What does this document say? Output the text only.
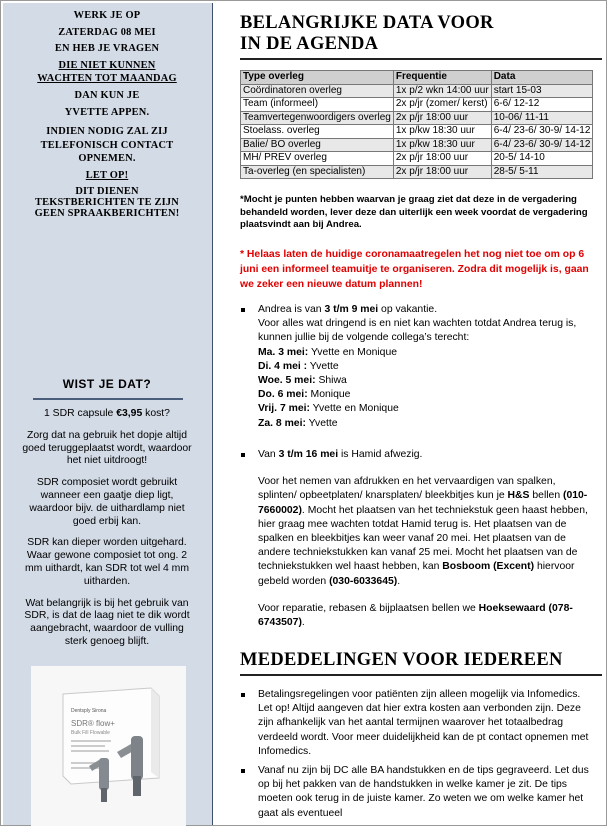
WERK JE OP

ZATERDAG 08 MEI

EN HEB JE VRAGEN

DIE NIET KUNNEN WACHTEN TOT MAANDAG

DAN KUN JE

YVETTE APPEN.

INDIEN NODIG ZAL ZIJ TELEFONISCH CONTACT OPNEMEN.

LET OP!

DIT DIENEN TEKSTBERICHTEN TE ZIJN GEEN SPRAAKBERICHTEN!

WIST JE DAT?

1 SDR capsule €3,95 kost?

Zorg dat na gebruik het dopje altijd goed teruggeplaatst wordt, waardoor het niet uitdroogt!

SDR composiet wordt gebruikt wanneer een gaatje diep ligt, waardoor bijv. de uithardlamp niet goed erbij kan.

SDR kan dieper worden uitgehard. Waar gewone composiet tot ong. 2 mm uithardt, kan SDR tot wel 4 mm uitharden.

Wat belangrijk is bij het gebruik van SDR, is dat de laag niet te dik wordt aangebracht, waardoor de vulling sterk genoeg blijft.

Dentsply Sirona
SDR® flow+
Bulk Fill Flowable
BELANGRIJKE DATA VOOR
IN DE AGENDA
Type overleg	Frequentie	Data
Coördinatoren overleg	1x p/2 wkn 14:00 uur	start 15-03
Team (informeel)	2x p/jr (zomer/ kerst)	6-6/ 12-12
Teamvertegenwoordigers overleg	2x p/jr 18:00 uur	10-06/ 11-11
Stoelass. overleg	1x p/kw 18:30 uur	6-4/ 23-6/ 30-9/ 14-12
Balie/ BO overleg	1x p/kw 18:30 uur	6-4/ 23-6/ 30-9/ 14-12
MH/ PREV overleg	2x p/jr 18:00 uur	20-5/ 14-10
Ta-overleg (en specialisten)	2x p/jr 18:00 uur	28-5/ 5-11
*Mocht je punten hebben waarvan je graag ziet dat deze in de vergadering behandeld worden, lever deze dan uiterlijk een week voordat de vergadering plaatsvindt aan bij Andrea.
* Helaas laten de huidige coronamaatregelen het nog niet toe om op 6 juni een informeel teamuitje te organiseren. Zodra dit mogelijk is, gaan we zeker een nieuwe datum plannen!
Andrea is van 3 t/m 9 mei op vakantie.
Voor alles wat dringend is en niet kan wachten totdat Andrea terug is, kunnen jullie bij de volgende collega’s terecht:
Ma. 3 mei: Yvette en Monique
Di. 4 mei : Yvette
Woe. 5 mei: Shiwa
Do. 6 mei: Monique
Vrij. 7 mei: Yvette en Monique
Za. 8 mei: Yvette
Van 3 t/m 16 mei is Hamid afwezig.
Voor het nemen van afdrukken en het vervaardigen van spalken, splinten/ opbeetplaten/ knarsplaten/ bleekbitjes kun je H&S bellen (010-7660002). Mocht het plaatsen van het techniekstuk geen haast hebben, hier graag mee wachten totdat Hamid terug is. Het plaatsen van de spalken en bleekbitjes kan weer vanaf 20 mei. Het plaatsen van de andere techniekstukken kan vanaf 25 mei. Mocht het plaatsen van de techniekstukken wel haast hebben, kan Bosboom (Excent) hiervoor gebeld worden (030-6033645).
Voor reparatie, rebasen & bijplaatsen bellen we Hoeksewaard (078-6743507).
MEDEDELINGEN VOOR IEDEREEN
Betalingsregelingen voor patiënten zijn alleen mogelijk via Infomedics. Let op! Altijd aangeven dat hier extra kosten aan verbonden zijn. Deze zijn afhankelijk van het aantal termijnen waarover het totaalbedrag verdeeld wordt. Voor meer duidelijkheid kan de pt contact opnemen met Infomedics.
Vanaf nu zijn bij DC alle BA handstukken en de tips gegraveerd. Let dus op bij het pakken van de handstukken in welke kamer je zit. De tips moeten ook terug in de juiste kamer. Zo weten we om welke kamer het gaat als eventueel
